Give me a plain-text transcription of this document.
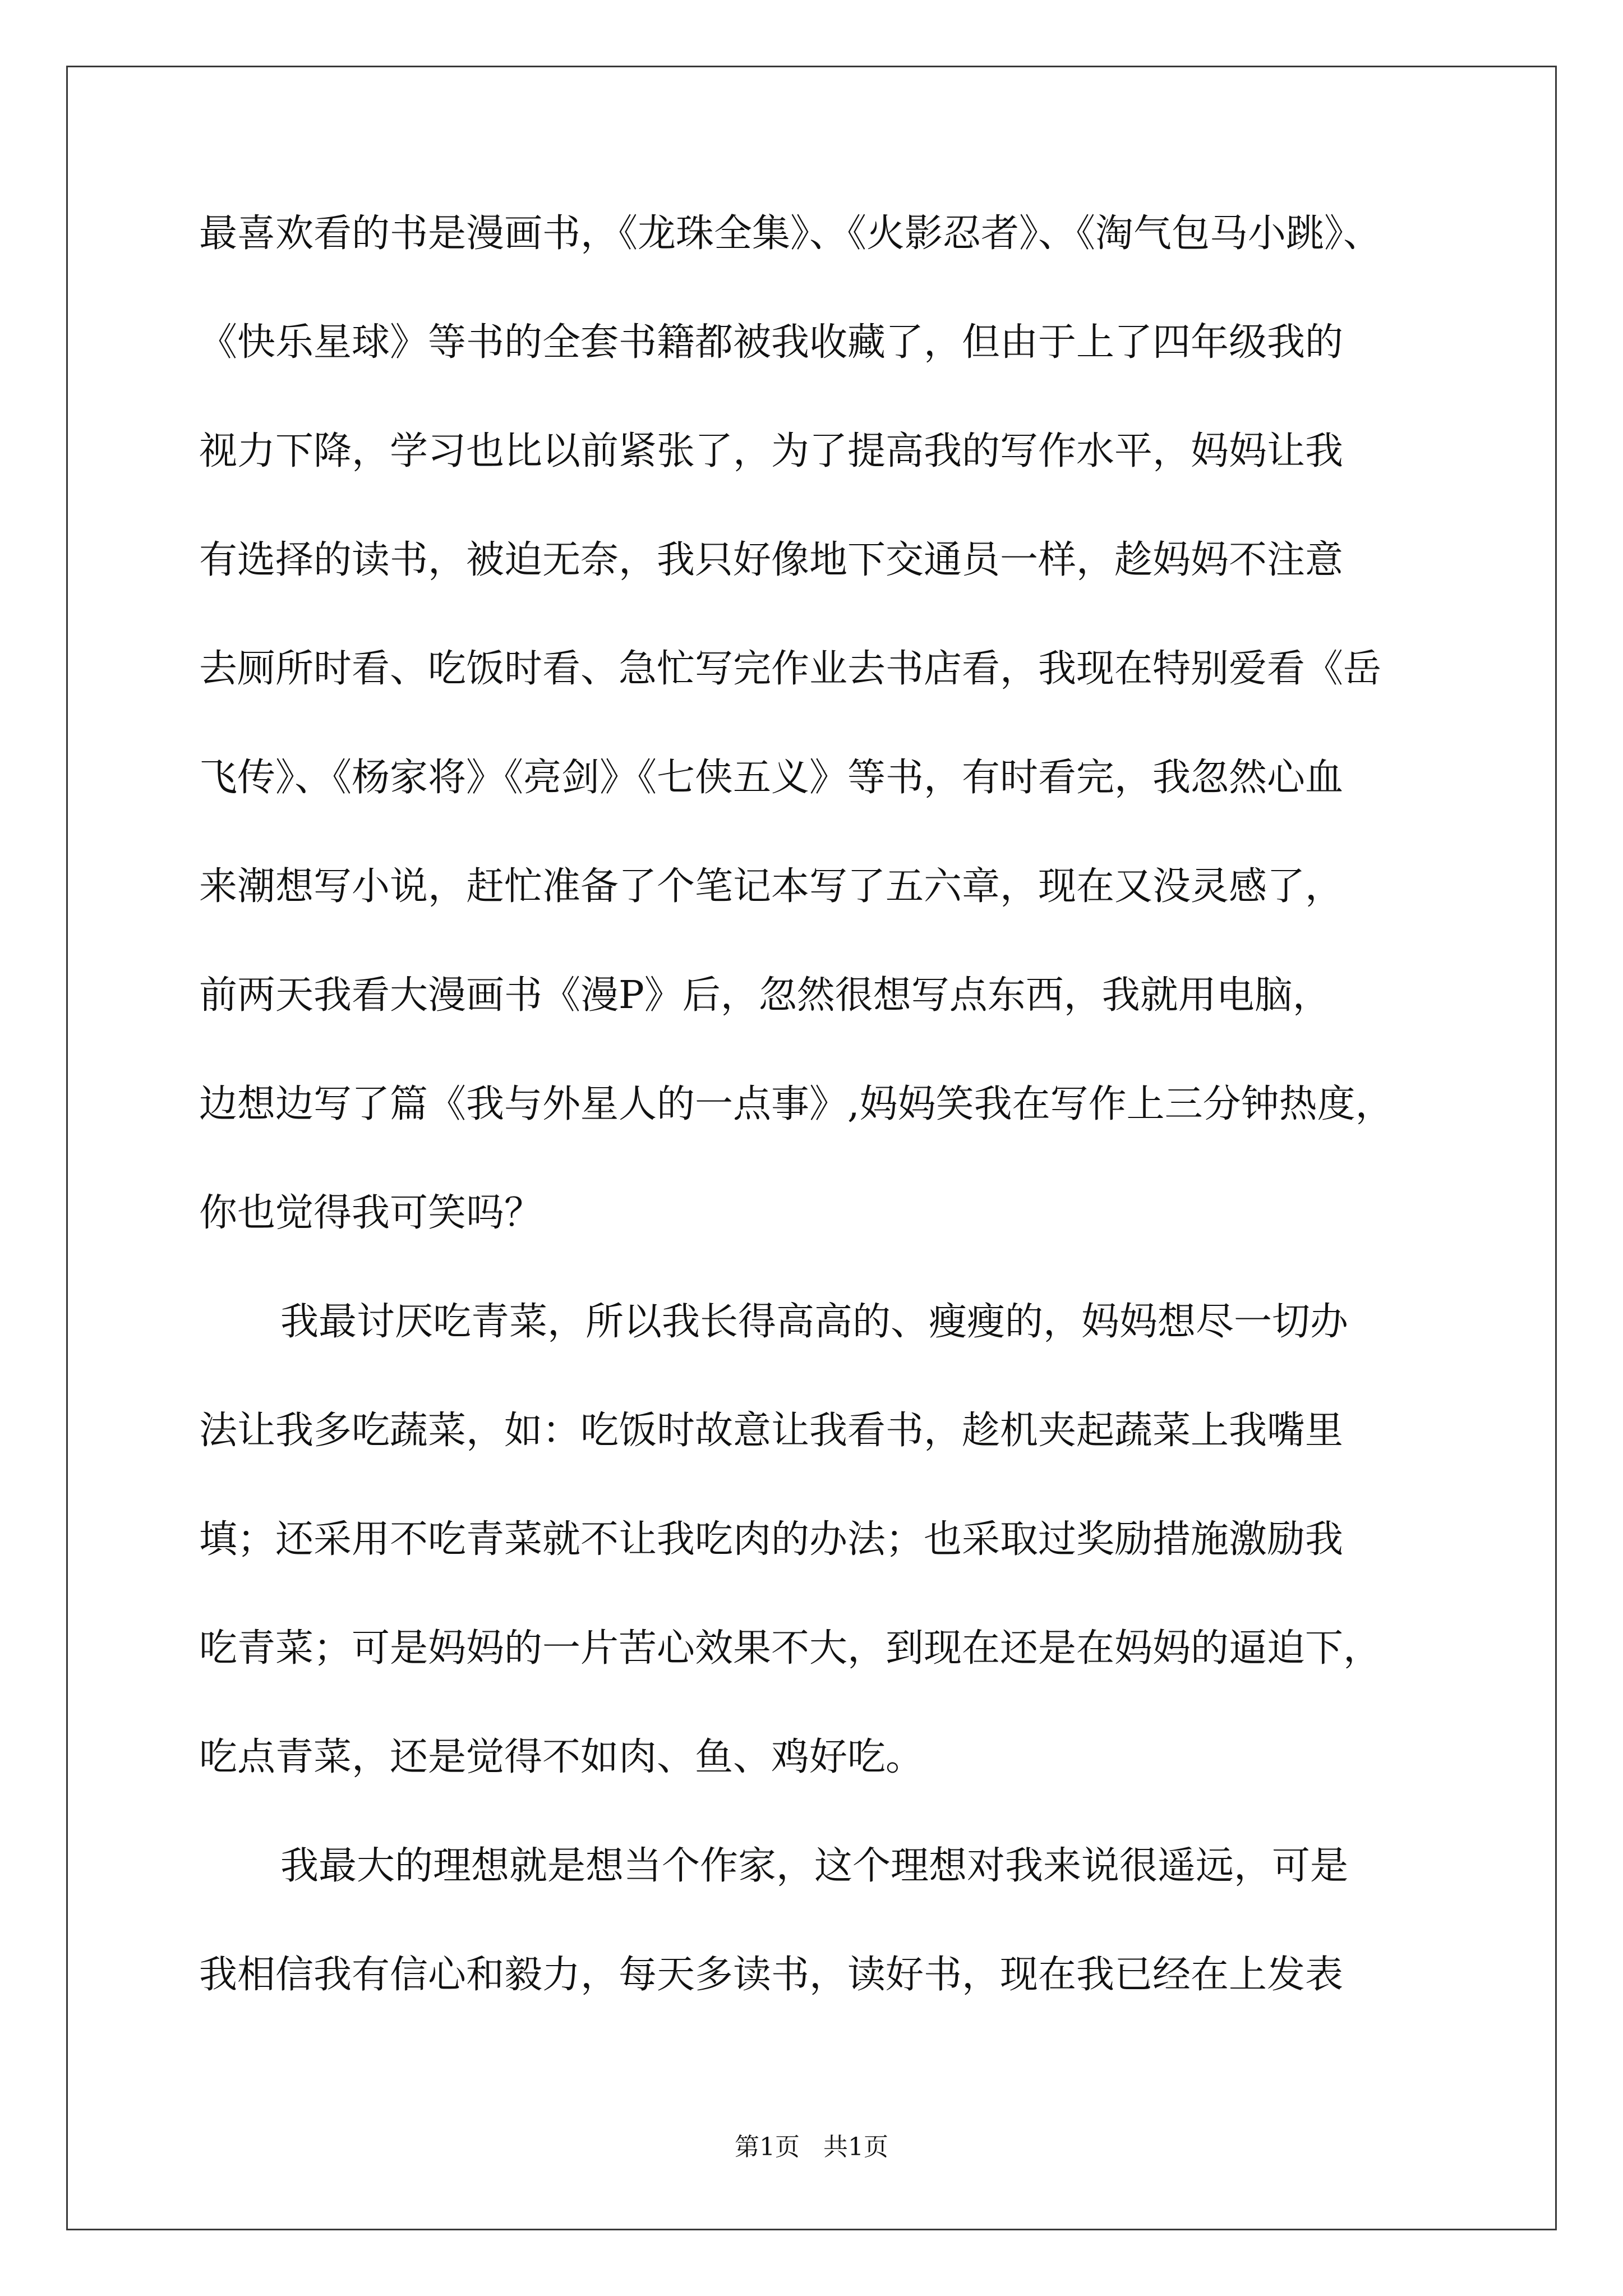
最喜欢看的书是漫画书，《龙珠全集》、《火影忍者》、《淘气包马小跳》、
《快乐星球》等书的全套书籍都被我收藏了，但由于上了四年级我的
视力下降，学习也比以前紧张了，为了提高我的写作水平，妈妈让我
有选择的读书，被迫无奈，我只好像地下交通员一样，趁妈妈不注意
去厕所时看、吃饭时看、急忙写完作业去书店看，我现在特别爱看《岳
飞传》、《杨家将》《亮剑》《七侠五义》等书，有时看完，我忽然心血
来潮想写小说，赶忙准备了个笔记本写了五六章，现在又没灵感了，
前两天我看大漫画书《漫P》后，忽然很想写点东西，我就用电脑，
边想边写了篇《我与外星人的一点事》,妈妈笑我在写作上三分钟热度，
你也觉得我可笑吗？
我最讨厌吃青菜，所以我长得高高的、瘦瘦的，妈妈想尽一切办
法让我多吃蔬菜，如：吃饭时故意让我看书，趁机夹起蔬菜上我嘴里
填；还采用不吃青菜就不让我吃肉的办法；也采取过奖励措施激励我
吃青菜；可是妈妈的一片苦心效果不大，到现在还是在妈妈的逼迫下，
吃点青菜，还是觉得不如肉、鱼、鸡好吃。
我最大的理想就是想当个作家，这个理想对我来说很遥远，可是
我相信我有信心和毅力，每天多读书，读好书，现在我已经在上发表
第1页   共1页
